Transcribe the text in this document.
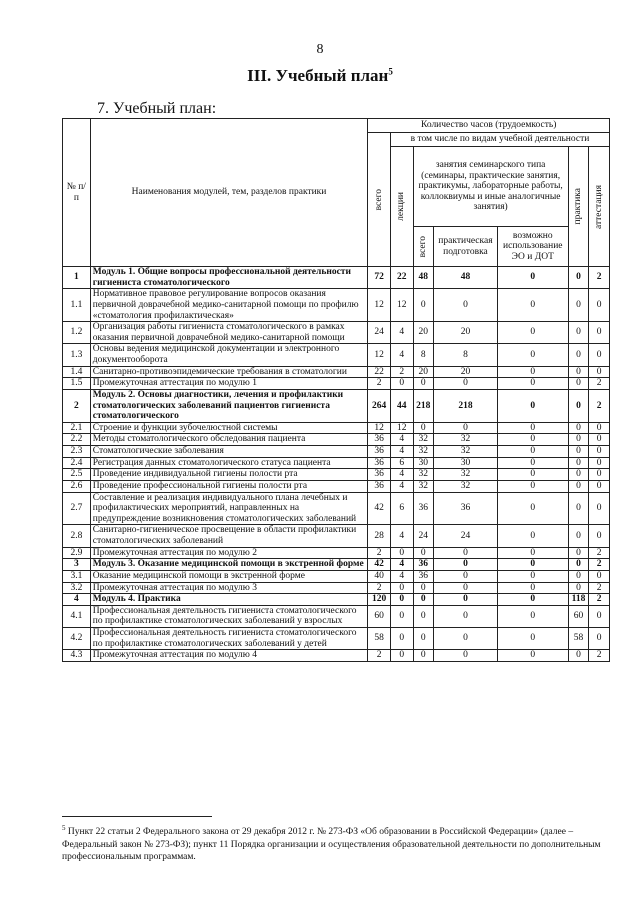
8
III. Учебный план$^5$
7. Учебный план:
№ п/п	Наименования модулей, тем, разделов практики	Количество часов (трудоемкость)						

		всего	в том числе по видам учебной деятельности					

			лекции	занятия семинарского типа (семинары, практические занятия, практикумы, лабораторные работы, коллоквиумы и иные аналогичные занятия)			практика	аттестация

				всего	практическая подготовка	возможно использование ЭО и ДОТ		
1	Модуль 1. Общие вопросы профессиональной деятельности гигиениста стоматологического	72	22	48	48	0	0	2
1.1	Нормативное правовое регулирование вопросов оказания первичной доврачебной медико-санитарной помощи по профилю «стоматология профилактическая»	12	12	0	0	0	0	0
1.2	Организация работы гигиениста стоматологического в рамках оказания первичной доврачебной медико-санитарной помощи	24	4	20	20	0	0	0
1.3	Основы ведения медицинской документации и электронного документооборота	12	4	8	8	0	0	0
1.4	Санитарно-противоэпидемические требования в стоматологии	22	2	20	20	0	0	0
1.5	Промежуточная аттестация по модулю 1	2	0	0	0	0	0	2
2	Модуль 2. Основы диагностики, лечения и профилактики стоматологических заболеваний пациентов гигиениста стоматологического	264	44	218	218	0	0	2
2.1	Строение и функции зубочелюстной системы	12	12	0	0	0	0	0
2.2	Методы стоматологического обследования пациента	36	4	32	32	0	0	0
2.3	Стоматологические заболевания	36	4	32	32	0	0	0
2.4	Регистрация данных стоматологического статуса пациента	36	6	30	30	0	0	0
2.5	Проведение индивидуальной гигиены полости рта	36	4	32	32	0	0	0
2.6	Проведение профессиональной гигиены полости рта	36	4	32	32	0	0	0
2.7	Составление и реализация индивидуального плана лечебных и профилактических мероприятий, направленных на предупреждение возникновения стоматологических заболеваний	42	6	36	36	0	0	0
2.8	Санитарно-гигиеническое просвещение в области профилактики стоматологических заболеваний	28	4	24	24	0	0	0
2.9	Промежуточная аттестация по модулю 2	2	0	0	0	0	0	2
3	Модуль 3. Оказание медицинской помощи в экстренной форме	42	4	36	0	0	0	2
3.1	Оказание медицинской помощи в экстренной форме	40	4	36	0	0	0	0
3.2	Промежуточная аттестация по модулю 3	2	0	0	0	0	0	2
4	Модуль 4. Практика	120	0	0	0	0	118	2
4.1	Профессиональная деятельность гигиениста стоматологического по профилактике стоматологических заболеваний у взрослых	60	0	0	0	0	60	0
4.2	Профессиональная деятельность гигиениста стоматологического по профилактике стоматологических заболеваний у детей	58	0	0	0	0	58	0
4.3	Промежуточная аттестация по модулю 4	2	0	0	0	0	0	2
$^5$ Пункт 22 статьи 2 Федерального закона от 29 декабря 2012 г. № 273-ФЗ «Об образовании в Российской Федерации» (далее – Федеральный закон № 273-ФЗ); пункт 11 Порядка организации и осуществления образовательной деятельности по дополнительным профессиональным программам.
